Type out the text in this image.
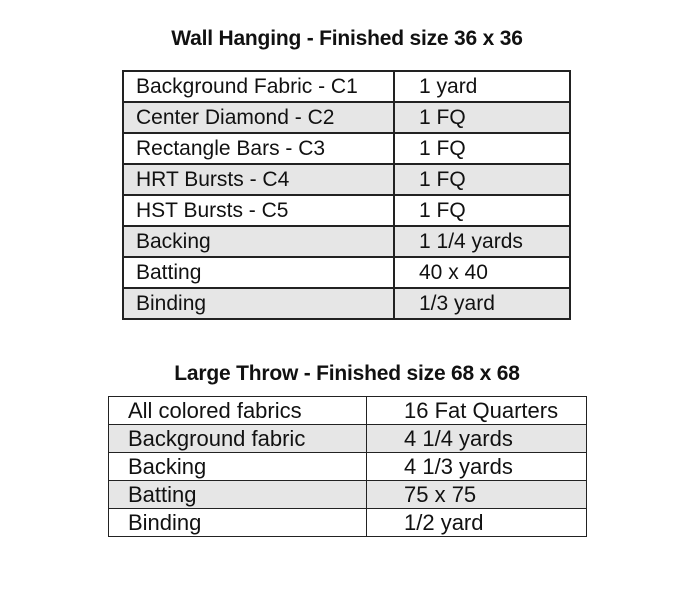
Wall Hanging - Finished size 36 x 36
Background Fabric - C1	1 yard
Center Diamond - C2	1 FQ
Rectangle Bars - C3	1 FQ
HRT Bursts - C4	1 FQ
HST Bursts - C5	1 FQ
Backing	1 1/4 yards
Batting	40 x 40
Binding	1/3 yard
Large Throw - Finished size 68 x 68
All colored fabrics	16 Fat Quarters
Background fabric	4 1/4 yards
Backing	4 1/3 yards
Batting	75 x 75
Binding	1/2 yard
